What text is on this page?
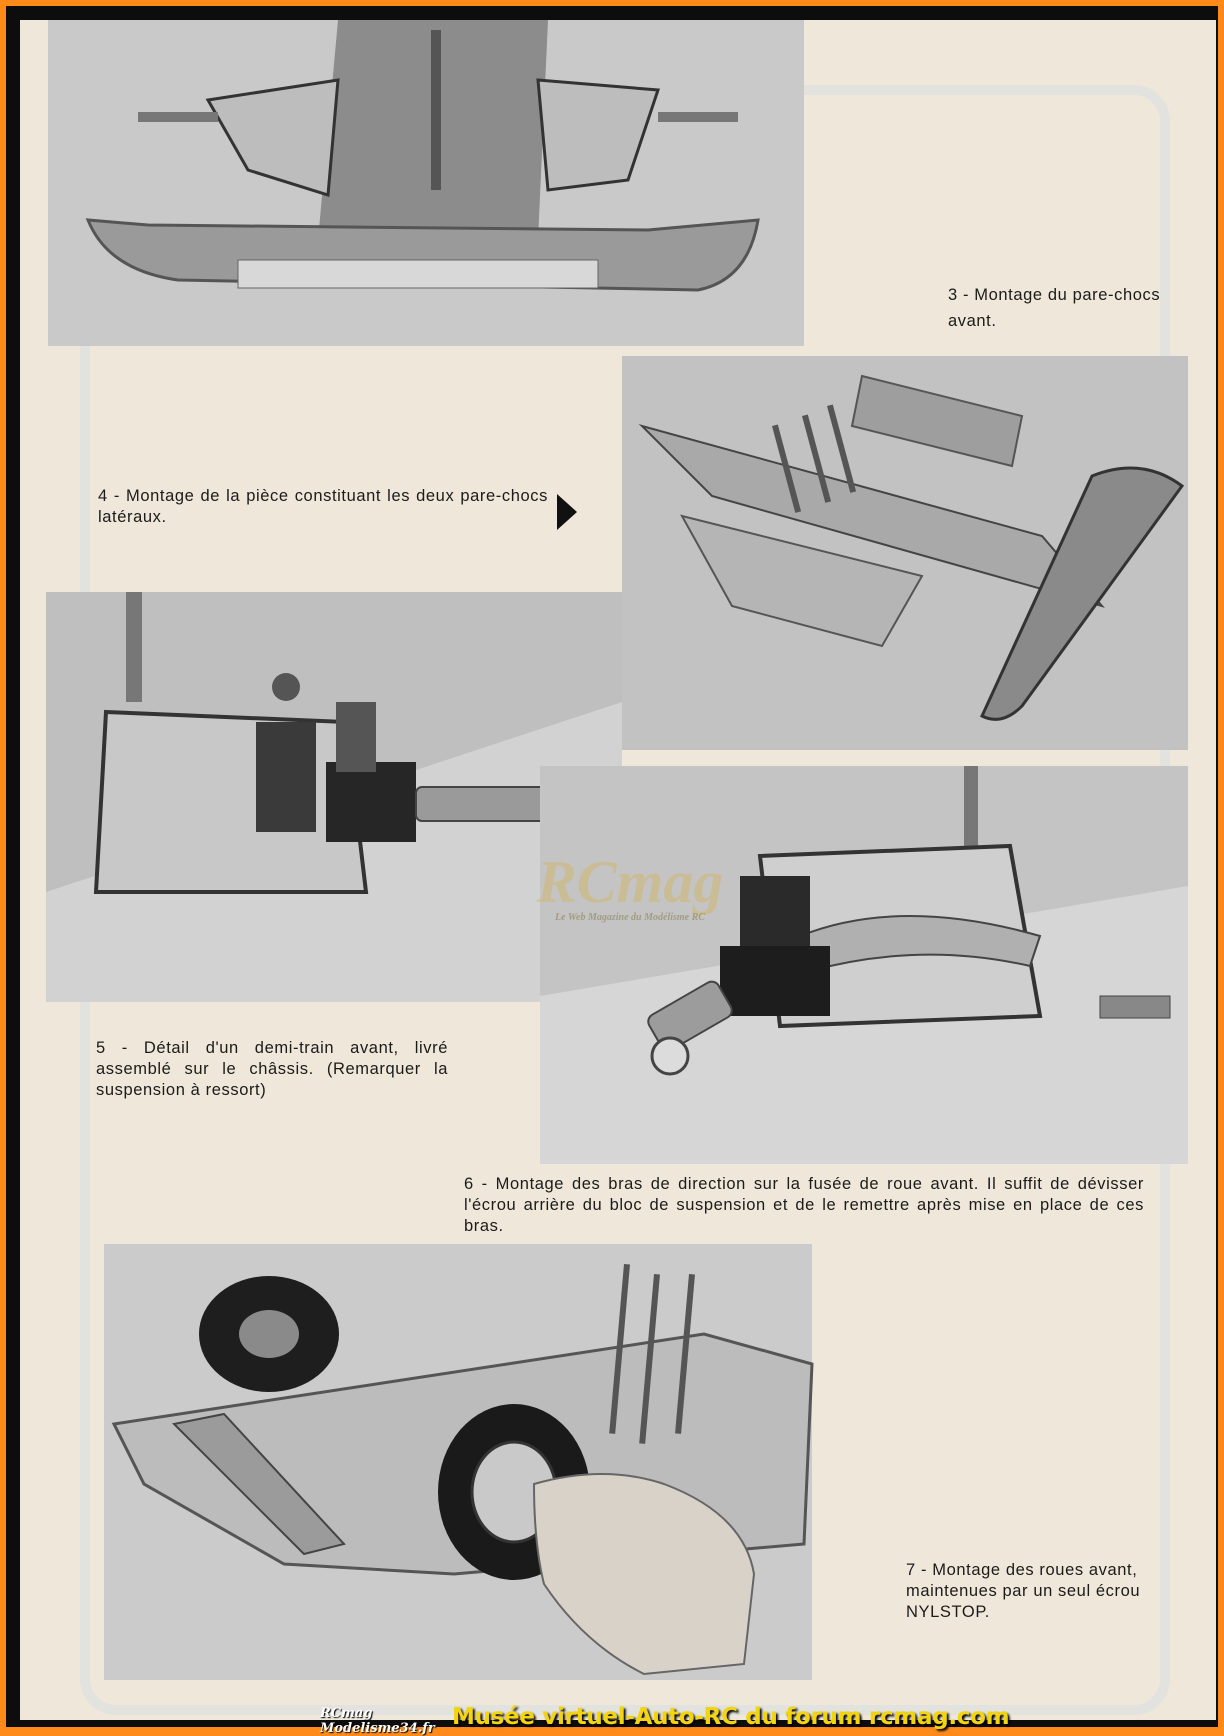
3 - Montage du pare-chocs avant.
4 - Montage de la pièce constituant les deux pare-chocs latéraux.
5 - Détail d'un demi-train avant, livré assemblé sur le châssis. (Remarquer la suspension à ressort)
6 - Montage des bras de direction sur la fusée de roue avant. Il suffit de dévisser l'écrou arrière du bloc de suspension et de le remettre après mise en place de ces bras.
7 - Montage des roues avant, maintenues par un seul écrou NYLSTOP.
RCmag
Le Web Magazine du Modélisme RC
RCmag
Modelisme34.fr Musée virtuel-Auto-RC du forum rcmag.com
